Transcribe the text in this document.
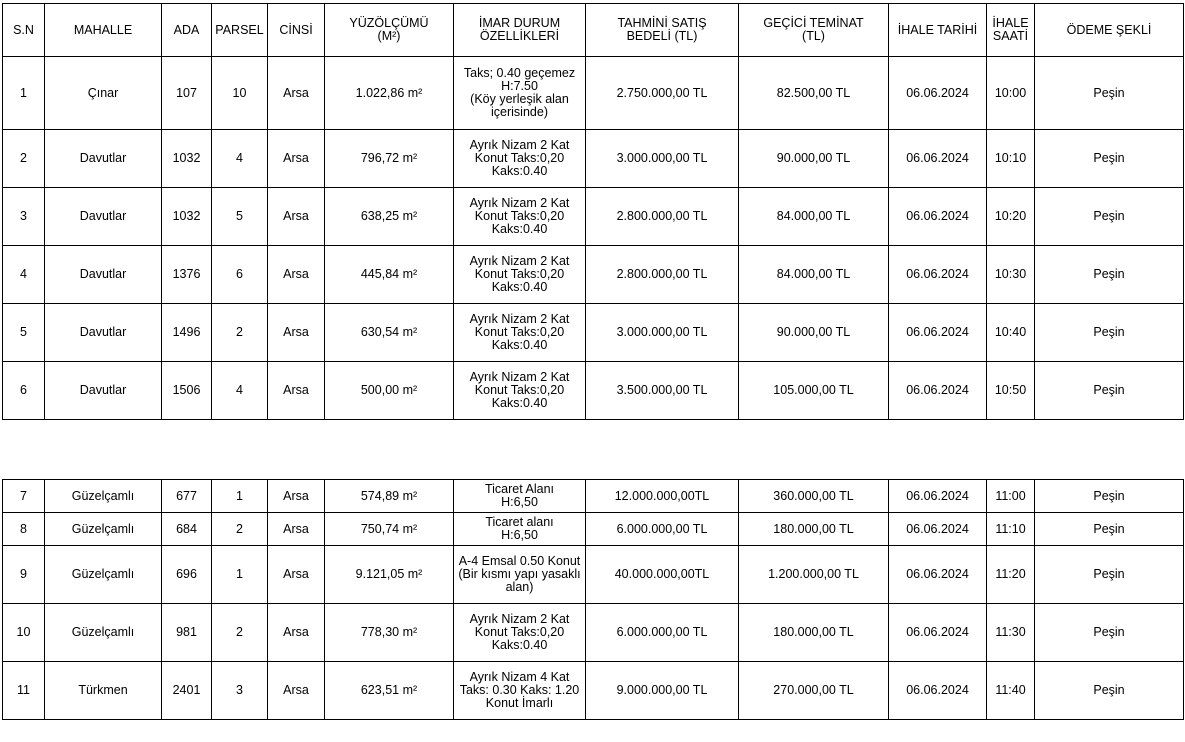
S.N	MAHALLE	ADA	PARSEL	CİNSİ	YÜZÖLÇÜMÜ
(M²)	İMAR DURUM
ÖZELLİKLERİ	TAHMİNİ SATIŞ
BEDELİ (TL)	GEÇİCİ TEMİNAT
(TL)	İHALE TARİHİ	İHALE
SAATİ	ÖDEME ŞEKLİ
1	Çınar	107	10	Arsa	1.022,86 m²	Taks; 0.40 geçemez
H:7.50
(Köy yerleşik alan
içerisinde)	2.750.000,00 TL	82.500,00 TL	06.06.2024	10:00	Peşin
2	Davutlar	1032	4	Arsa	796,72 m²	Ayrık Nizam 2 Kat
Konut Taks:0,20
Kaks:0.40	3.000.000,00 TL	90.000,00 TL	06.06.2024	10:10	Peşin
3	Davutlar	1032	5	Arsa	638,25 m²	Ayrık Nizam 2 Kat
Konut Taks:0,20
Kaks:0.40	2.800.000,00 TL	84.000,00 TL	06.06.2024	10:20	Peşin
4	Davutlar	1376	6	Arsa	445,84 m²	Ayrık Nizam 2 Kat
Konut Taks:0,20
Kaks:0.40	2.800.000,00 TL	84.000,00 TL	06.06.2024	10:30	Peşin
5	Davutlar	1496	2	Arsa	630,54 m²	Ayrık Nizam 2 Kat
Konut Taks:0,20
Kaks:0.40	3.000.000,00 TL	90.000,00 TL	06.06.2024	10:40	Peşin
6	Davutlar	1506	4	Arsa	500,00 m²	Ayrık Nizam 2 Kat
Konut Taks:0,20
Kaks:0.40	3.500.000,00 TL	105.000,00 TL	06.06.2024	10:50	Peşin
7	Güzelçamlı	677	1	Arsa	574,89 m²	Ticaret Alanı
H:6,50	12.000.000,00TL	360.000,00 TL	06.06.2024	11:00	Peşin
8	Güzelçamlı	684	2	Arsa	750,74 m²	Ticaret alanı
H:6,50	6.000.000,00 TL	180.000,00 TL	06.06.2024	11:10	Peşin
9	Güzelçamlı	696	1	Arsa	9.121,05 m²	A-4 Emsal 0.50 Konut
(Bir kısmı yapı yasaklı
alan)	40.000.000,00TL	1.200.000,00 TL	06.06.2024	11:20	Peşin
10	Güzelçamlı	981	2	Arsa	778,30 m²	Ayrık Nizam 2 Kat
Konut Taks:0,20
Kaks:0.40	6.000.000,00 TL	180.000,00 TL	06.06.2024	11:30	Peşin
11	Türkmen	2401	3	Arsa	623,51 m²	Ayrık Nizam 4 Kat
Taks: 0.30 Kaks: 1.20
Konut İmarlı	9.000.000,00 TL	270.000,00 TL	06.06.2024	11:40	Peşin
